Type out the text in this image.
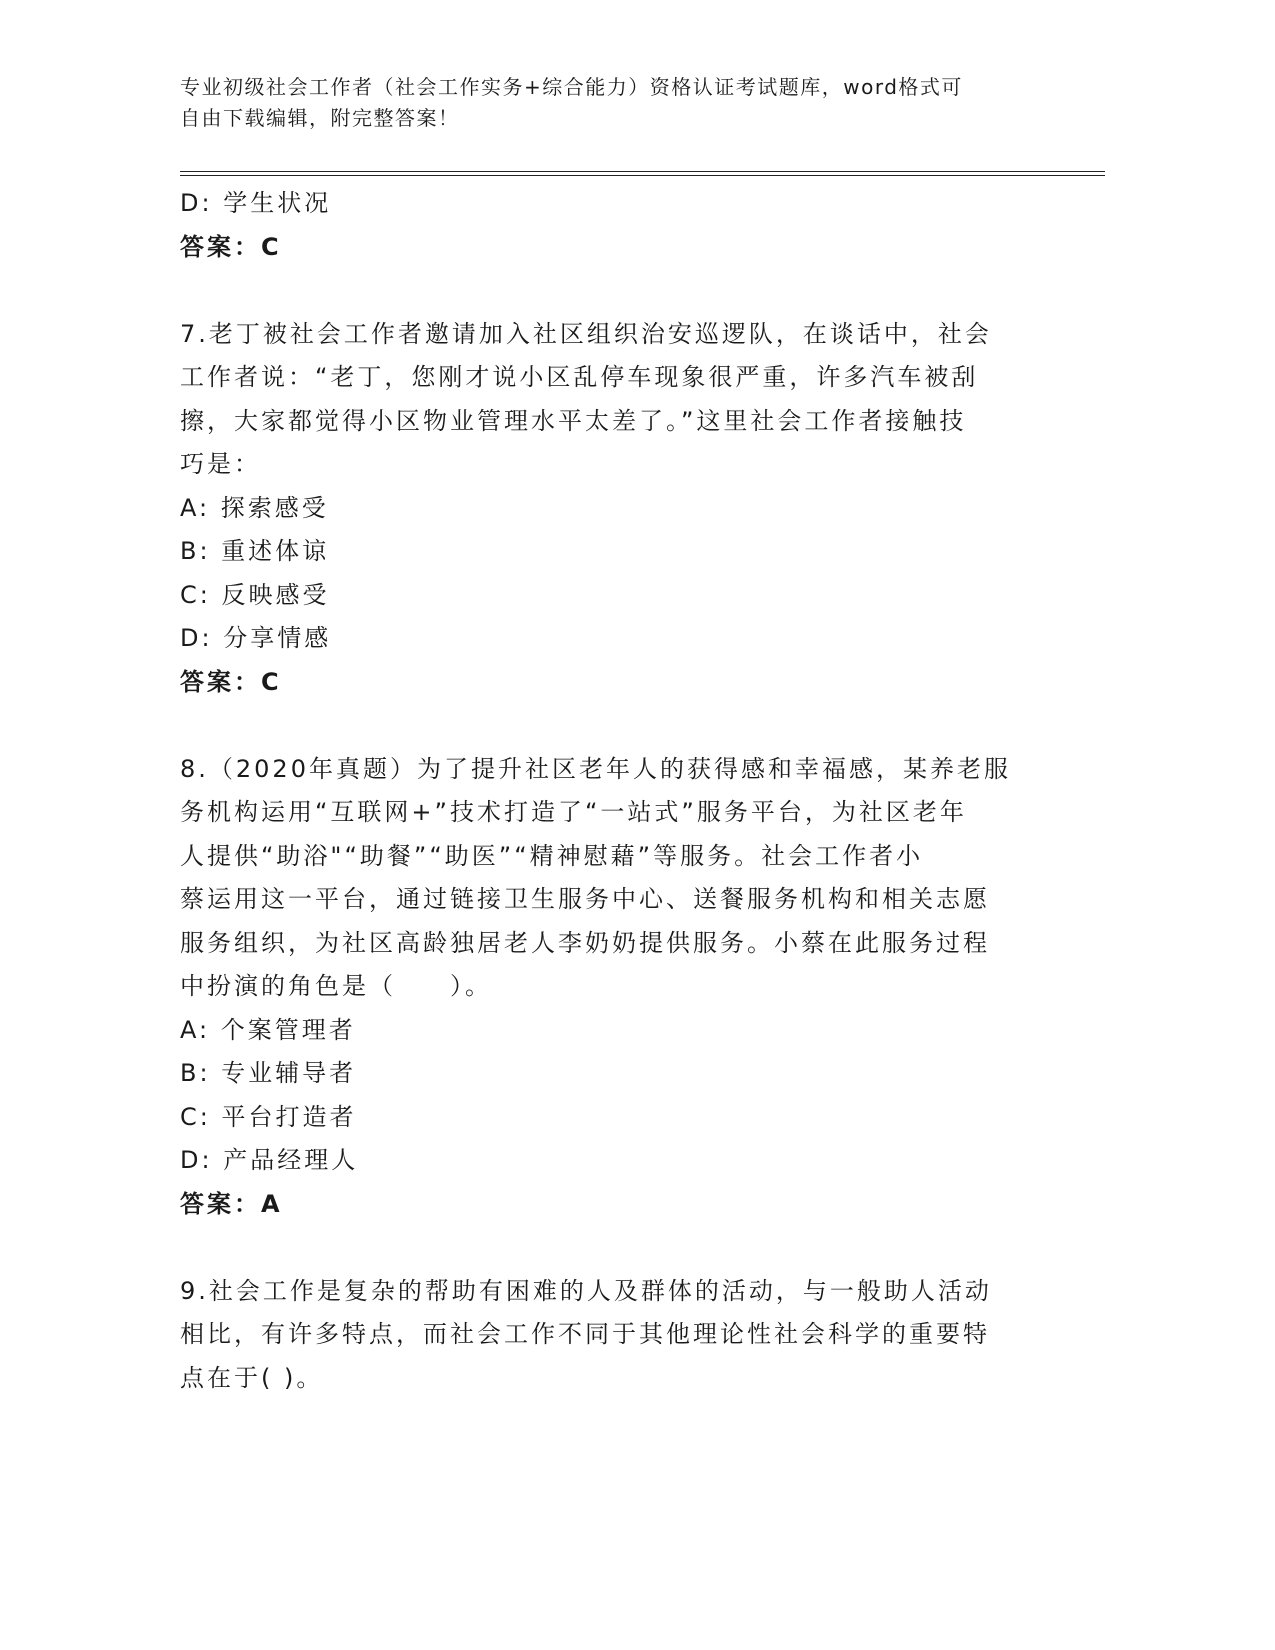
专业初级社会工作者（社会工作实务+综合能力）资格认证考试题库，word格式可
自由下载编辑，附完整答案！

D: 学生状况

答案：C

7.老丁被社会工作者邀请加入社区组织治安巡逻队，在谈话中，社会

工作者说：“老丁，您刚才说小区乱停车现象很严重，许多汽车被刮

擦，大家都觉得小区物业管理水平太差了。”这里社会工作者接触技

巧是：

A: 探索感受

B: 重述体谅

C: 反映感受

D: 分享情感

答案：C

8.（2020年真题）为了提升社区老年人的获得感和幸福感，某养老服

务机构运用“互联网+”技术打造了“一站式”服务平台，为社区老年

人提供“助浴"“助餐”“助医”“精神慰藉”等服务。社会工作者小

蔡运用这一平台，通过链接卫生服务中心、送餐服务机构和相关志愿

服务组织，为社区高龄独居老人李奶奶提供服务。小蔡在此服务过程

中扮演的角色是（　　）。

A: 个案管理者

B: 专业辅导者

C: 平台打造者

D: 产品经理人

答案：A

9.社会工作是复杂的帮助有困难的人及群体的活动，与一般助人活动

相比，有许多特点，而社会工作不同于其他理论性社会科学的重要特

点在于( )。
